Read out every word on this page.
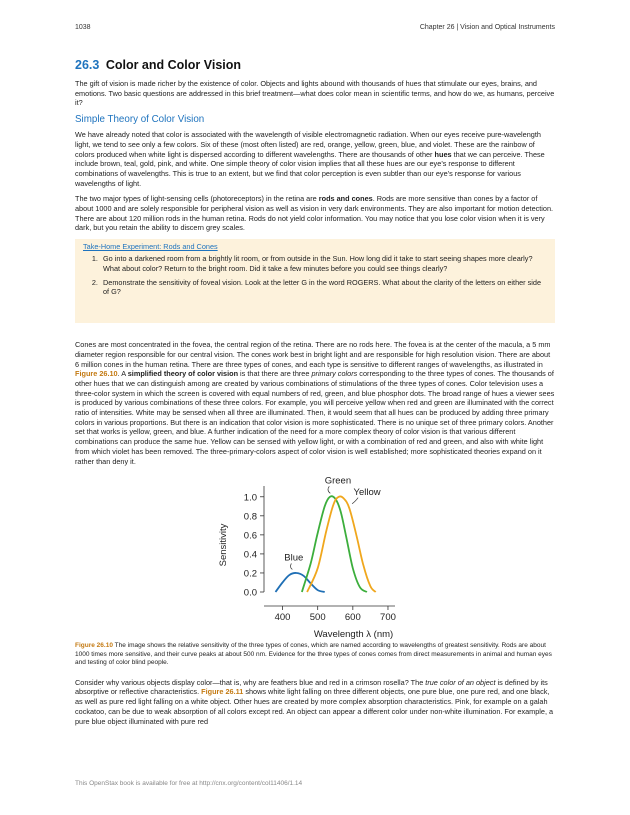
1038	Chapter 26 | Vision and Optical Instruments
26.3 Color and Color Vision

The gift of vision is made richer by the existence of color. Objects and lights abound with thousands of hues that stimulate our eyes, brains, and emotions. Two basic questions are addressed in this brief treatment—what does color mean in scientific terms, and how do we, as humans, perceive it?

Simple Theory of Color Vision

We have already noted that color is associated with the wavelength of visible electromagnetic radiation. When our eyes receive pure-wavelength light, we tend to see only a few colors. Six of these (most often listed) are red, orange, yellow, green, blue, and violet. These are the rainbow of colors produced when white light is dispersed according to different wavelengths. There are thousands of other hues that we can perceive. These include brown, teal, gold, pink, and white. One simple theory of color vision implies that all these hues are our eye’s response to different combinations of wavelengths. This is true to an extent, but we find that color perception is even subtler than our eye’s response for various wavelengths of light.

The two major types of light-sensing cells (photoreceptors) in the retina are rods and cones. Rods are more sensitive than cones by a factor of about 1000 and are solely responsible for peripheral vision as well as vision in very dark environments. They are also important for motion detection. There are about 120 million rods in the human retina. Rods do not yield color information. You may notice that you lose color vision when it is very dark, but you retain the ability to discern grey scales.

Take-Home Experiment: Rods and Cones
1. Go into a darkened room from a brightly lit room, or from outside in the Sun. How long did it take to start seeing shapes more clearly? What about color? Return to the bright room. Did it take a few minutes before you could see things clearly?
2. Demonstrate the sensitivity of foveal vision. Look at the letter G in the word ROGERS. What about the clarity of the letters on either side of G?

Cones are most concentrated in the fovea, the central region of the retina. There are no rods here. The fovea is at the center of the macula, a 5 mm diameter region responsible for our central vision. The cones work best in bright light and are responsible for high resolution vision. There are about 6 million cones in the human retina. There are three types of cones, and each type is sensitive to different ranges of wavelengths, as illustrated in Figure 26.10. A simplified theory of color vision is that there are three primary colors corresponding to the three types of cones. The thousands of other hues that we can distinguish among are created by various combinations of stimulations of the three types of cones. Color television uses a three-color system in which the screen is covered with equal numbers of red, green, and blue phosphor dots. The broad range of hues a viewer sees is produced by various combinations of these three colors. For example, you will perceive yellow when red and green are illuminated with the correct ratio of intensities. White may be sensed when all three are illuminated. Then, it would seem that all hues can be produced by adding three primary colors in various proportions. But there is an indication that color vision is more sophisticated. There is no unique set of three primary colors. Another set that works is yellow, green, and blue. A further indication of the need for a more complex theory of color vision is that various different combinations can produce the same hue. Yellow can be sensed with yellow light, or with a combination of red and green, and also with white light from which violet has been removed. The three-primary-colors aspect of color vision is well established; more sophisticated theories expand on it rather than deny it.

0.0
0.2
0.4
0.6
0.8
1.0
400 500 600 700
Sensitivity
Wavelength λ (nm)
Blue
Green
Yellow

Figure 26.10 The image shows the relative sensitivity of the three types of cones, which are named according to wavelengths of greatest sensitivity. Rods are about 1000 times more sensitive, and their curve peaks at about 500 nm. Evidence for the three types of cones comes from direct measurements in animal and human eyes and testing of color blind people.

Consider why various objects display color—that is, why are feathers blue and red in a crimson rosella? The true color of an object is defined by its absorptive or reflective characteristics. Figure 26.11 shows white light falling on three different objects, one pure blue, one pure red, and one black, as well as pure red light falling on a white object. Other hues are created by more complex absorption characteristics. Pink, for example on a galah cockatoo, can be due to weak absorption of all colors except red. An object can appear a different color under non-white illumination. For example, a pure blue object illuminated with pure red

This OpenStax book is available for free at http://cnx.org/content/col11406/1.14
